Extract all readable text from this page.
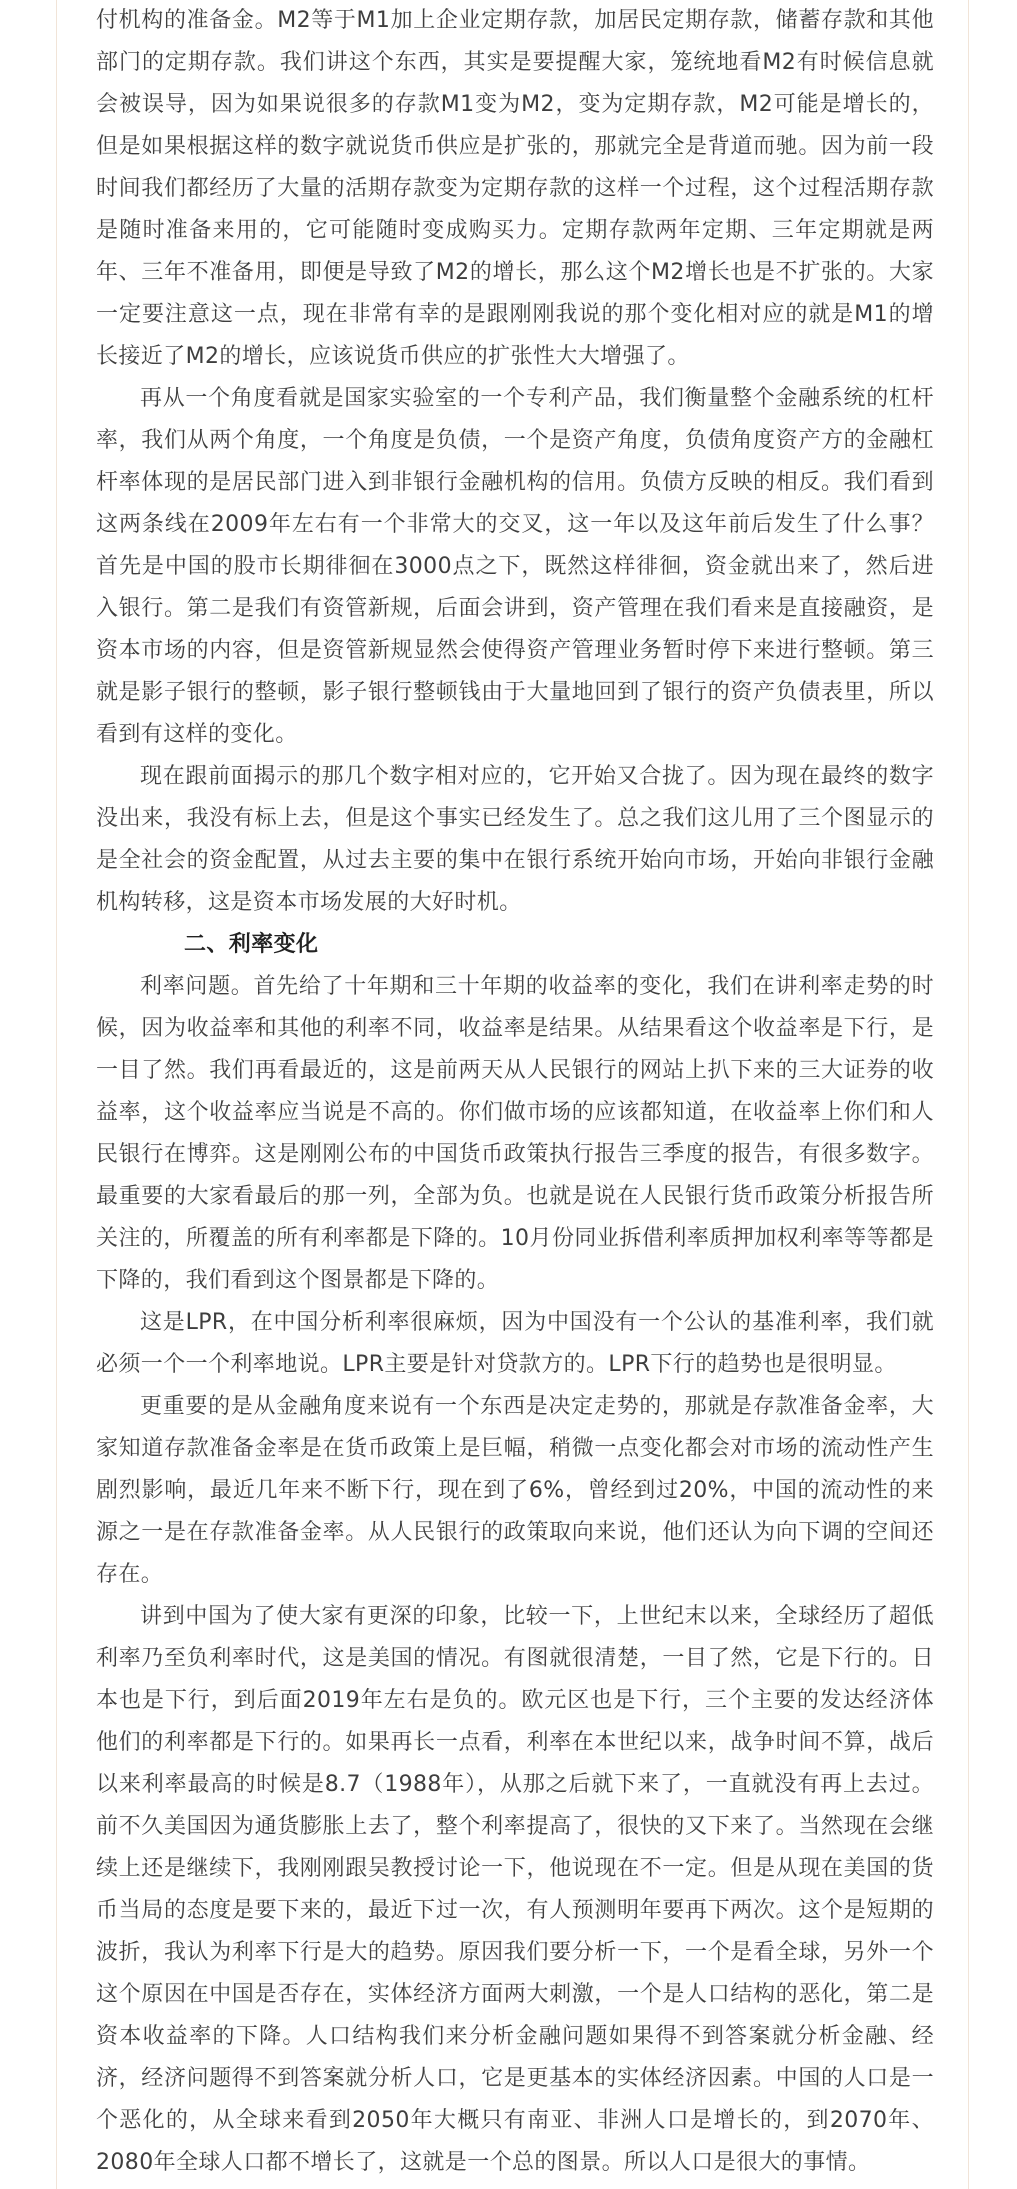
付机构的准备金。M2等于M1加上企业定期存款，加居民定期存款，储蓄存款和其他部门的定期存款。我们讲这个东西，其实是要提醒大家，笼统地看M2有时候信息就会被误导，因为如果说很多的存款M1变为M2，变为定期存款，M2可能是增长的，但是如果根据这样的数字就说货币供应是扩张的，那就完全是背道而驰。因为前一段时间我们都经历了大量的活期存款变为定期存款的这样一个过程，这个过程活期存款是随时准备来用的，它可能随时变成购买力。定期存款两年定期、三年定期就是两年、三年不准备用，即便是导致了M2的增长，那么这个M2增长也是不扩张的。大家一定要注意这一点，现在非常有幸的是跟刚刚我说的那个变化相对应的就是M1的增长接近了M2的增长，应该说货币供应的扩张性大大增强了。

再从一个角度看就是国家实验室的一个专利产品，我们衡量整个金融系统的杠杆率，我们从两个角度，一个角度是负债，一个是资产角度，负债角度资产方的金融杠杆率体现的是居民部门进入到非银行金融机构的信用。负债方反映的相反。我们看到这两条线在2009年左右有一个非常大的交叉，这一年以及这年前后发生了什么事？首先是中国的股市长期徘徊在3000点之下，既然这样徘徊，资金就出来了，然后进入银行。第二是我们有资管新规，后面会讲到，资产管理在我们看来是直接融资，是资本市场的内容，但是资管新规显然会使得资产管理业务暂时停下来进行整顿。第三就是影子银行的整顿，影子银行整顿钱由于大量地回到了银行的资产负债表里，所以看到有这样的变化。

现在跟前面揭示的那几个数字相对应的，它开始又合拢了。因为现在最终的数字没出来，我没有标上去，但是这个事实已经发生了。总之我们这儿用了三个图显示的是全社会的资金配置，从过去主要的集中在银行系统开始向市场，开始向非银行金融机构转移，这是资本市场发展的大好时机。

二、利率变化

利率问题。首先给了十年期和三十年期的收益率的变化，我们在讲利率走势的时候，因为收益率和其他的利率不同，收益率是结果。从结果看这个收益率是下行，是一目了然。我们再看最近的，这是前两天从人民银行的网站上扒下来的三大证券的收益率，这个收益率应当说是不高的。你们做市场的应该都知道，在收益率上你们和人民银行在博弈。这是刚刚公布的中国货币政策执行报告三季度的报告，有很多数字。最重要的大家看最后的那一列，全部为负。也就是说在人民银行货币政策分析报告所关注的，所覆盖的所有利率都是下降的。10月份同业拆借利率质押加权利率等等都是下降的，我们看到这个图景都是下降的。

这是LPR，在中国分析利率很麻烦，因为中国没有一个公认的基准利率，我们就必须一个一个利率地说。LPR主要是针对贷款方的。LPR下行的趋势也是很明显。

更重要的是从金融角度来说有一个东西是决定走势的，那就是存款准备金率，大家知道存款准备金率是在货币政策上是巨幅，稍微一点变化都会对市场的流动性产生剧烈影响，最近几年来不断下行，现在到了6%，曾经到过20%，中国的流动性的来源之一是在存款准备金率。从人民银行的政策取向来说，他们还认为向下调的空间还存在。

讲到中国为了使大家有更深的印象，比较一下，上世纪末以来，全球经历了超低利率乃至负利率时代，这是美国的情况。有图就很清楚，一目了然，它是下行的。日本也是下行，到后面2019年左右是负的。欧元区也是下行，三个主要的发达经济体他们的利率都是下行的。如果再长一点看，利率在本世纪以来，战争时间不算，战后以来利率最高的时候是8.7（1988年），从那之后就下来了，一直就没有再上去过。前不久美国因为通货膨胀上去了，整个利率提高了，很快的又下来了。当然现在会继续上还是继续下，我刚刚跟吴教授讨论一下，他说现在不一定。但是从现在美国的货币当局的态度是要下来的，最近下过一次，有人预测明年要再下两次。这个是短期的波折，我认为利率下行是大的趋势。原因我们要分析一下，一个是看全球，另外一个这个原因在中国是否存在，实体经济方面两大刺激，一个是人口结构的恶化，第二是资本收益率的下降。人口结构我们来分析金融问题如果得不到答案就分析金融、经济，经济问题得不到答案就分析人口，它是更基本的实体经济因素。中国的人口是一个恶化的，从全球来看到2050年大概只有南亚、非洲人口是增长的，到2070年、2080年全球人口都不增长了，这就是一个总的图景。所以人口是很大的事情。
